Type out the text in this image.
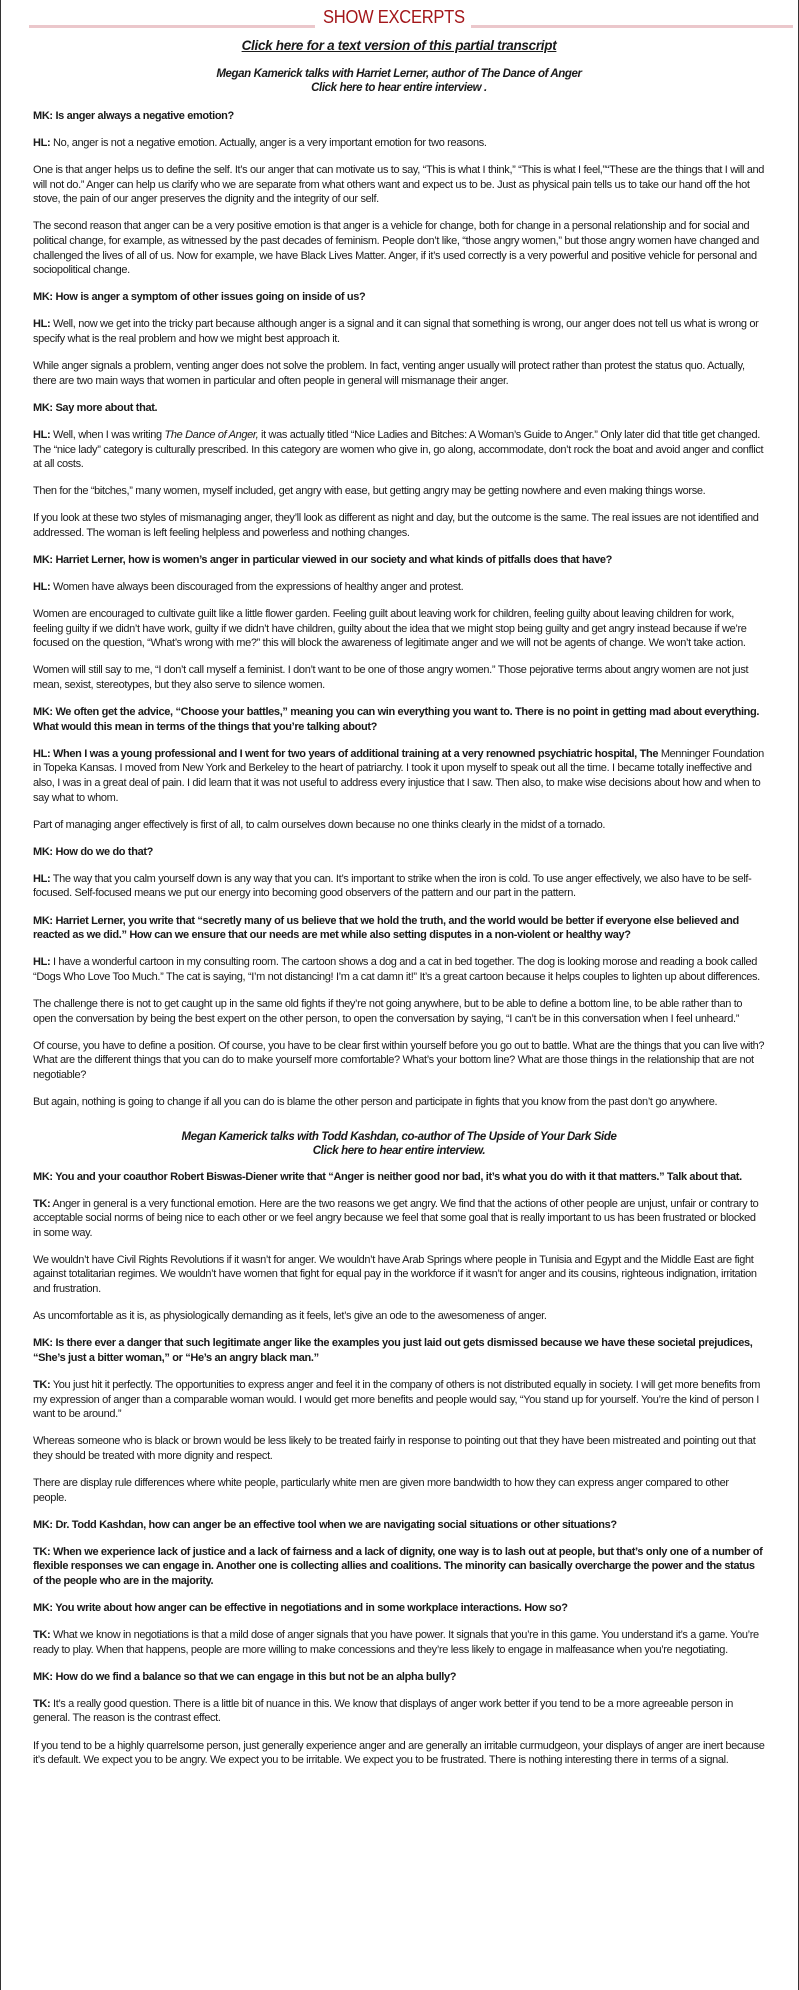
SHOW EXCERPTS
Click here for a text version of this partial transcript
Megan Kamerick talks with Harriet Lerner, author of The Dance of Anger
Click here to hear entire interview .

MK: Is anger always a negative emotion?

HL: No, anger is not a negative emotion. Actually, anger is a very important emotion for two reasons.

One is that anger helps us to define the self. It’s our anger that can motivate us to say, “This is what I think,” “This is what I feel,”“These are the things that I will and will not do.” Anger can help us clarify who we are separate from what others want and expect us to be. Just as physical pain tells us to take our hand off the hot stove, the pain of our anger preserves the dignity and the integrity of our self.

The second reason that anger can be a very positive emotion is that anger is a vehicle for change, both for change in a personal relationship and for social and political change, for example, as witnessed by the past decades of feminism. People don’t like, “those angry women,” but those angry women have changed and challenged the lives of all of us. Now for example, we have Black Lives Matter. Anger, if it’s used correctly is a very powerful and positive vehicle for personal and sociopolitical change.

MK: How is anger a symptom of other issues going on inside of us?

HL: Well, now we get into the tricky part because although anger is a signal and it can signal that something is wrong, our anger does not tell us what is wrong or specify what is the real problem and how we might best approach it.

While anger signals a problem, venting anger does not solve the problem. In fact, venting anger usually will protect rather than protest the status quo. Actually, there are two main ways that women in particular and often people in general will mismanage their anger.

MK: Say more about that.

HL: Well, when I was writing The Dance of Anger, it was actually titled “Nice Ladies and Bitches: A Woman’s Guide to Anger.” Only later did that title get changed. The “nice lady” category is culturally prescribed. In this category are women who give in, go along, accommodate, don’t rock the boat and avoid anger and conflict at all costs.

Then for the “bitches,” many women, myself included, get angry with ease, but getting angry may be getting nowhere and even making things worse.

If you look at these two styles of mismanaging anger, they’ll look as different as night and day, but the outcome is the same. The real issues are not identified and addressed. The woman is left feeling helpless and powerless and nothing changes.

MK: Harriet Lerner, how is women’s anger in particular viewed in our society and what kinds of pitfalls does that have?

HL: Women have always been discouraged from the expressions of healthy anger and protest.

Women are encouraged to cultivate guilt like a little flower garden. Feeling guilt about leaving work for children, feeling guilty about leaving children for work, feeling guilty if we didn’t have work, guilty if we didn’t have children, guilty about the idea that we might stop being guilty and get angry instead because if we’re focused on the question, “What’s wrong with me?” this will block the awareness of legitimate anger and we will not be agents of change. We won’t take action.

Women will still say to me, “I don’t call myself a feminist. I don’t want to be one of those angry women.” Those pejorative terms about angry women are not just mean, sexist, stereotypes, but they also serve to silence women.

MK: We often get the advice, “Choose your battles,” meaning you can win everything you want to. There is no point in getting mad about everything. What would this mean in terms of the things that you’re talking about?

HL: When I was a young professional and I went for two years of additional training at a very renowned psychiatric hospital, The Menninger Foundation in Topeka Kansas. I moved from New York and Berkeley to the heart of patriarchy. I took it upon myself to speak out all the time. I became totally ineffective and also, I was in a great deal of pain. I did learn that it was not useful to address every injustice that I saw. Then also, to make wise decisions about how and when to say what to whom.

Part of managing anger effectively is first of all, to calm ourselves down because no one thinks clearly in the midst of a tornado.

MK: How do we do that?

HL: The way that you calm yourself down is any way that you can. It’s important to strike when the iron is cold. To use anger effectively, we also have to be self-focused. Self-focused means we put our energy into becoming good observers of the pattern and our part in the pattern.

MK: Harriet Lerner, you write that “secretly many of us believe that we hold the truth, and the world would be better if everyone else believed and reacted as we did.” How can we ensure that our needs are met while also setting disputes in a non-violent or healthy way?

HL: I have a wonderful cartoon in my consulting room. The cartoon shows a dog and a cat in bed together. The dog is looking morose and reading a book called “Dogs Who Love Too Much.” The cat is saying, “I’m not distancing! I’m a cat damn it!” It’s a great cartoon because it helps couples to lighten up about differences.

The challenge there is not to get caught up in the same old fights if they’re not going anywhere, but to be able to define a bottom line, to be able rather than to open the conversation by being the best expert on the other person, to open the conversation by saying, “I can’t be in this conversation when I feel unheard.”

Of course, you have to define a position. Of course, you have to be clear first within yourself before you go out to battle. What are the things that you can live with? What are the different things that you can do to make yourself more comfortable? What’s your bottom line? What are those things in the relationship that are not negotiable?

But again, nothing is going to change if all you can do is blame the other person and participate in fights that you know from the past don’t go anywhere.

Megan Kamerick talks with Todd Kashdan, co-author of The Upside of Your Dark Side
Click here to hear entire interview.

MK: You and your coauthor Robert Biswas-Diener write that “Anger is neither good nor bad, it’s what you do with it that matters.” Talk about that.

TK: Anger in general is a very functional emotion. Here are the two reasons we get angry. We find that the actions of other people are unjust, unfair or contrary to acceptable social norms of being nice to each other or we feel angry because we feel that some goal that is really important to us has been frustrated or blocked in some way.

We wouldn’t have Civil Rights Revolutions if it wasn’t for anger. We wouldn’t have Arab Springs where people in Tunisia and Egypt and the Middle East are fight against totalitarian regimes. We wouldn’t have women that fight for equal pay in the workforce if it wasn’t for anger and its cousins, righteous indignation, irritation and frustration.

As uncomfortable as it is, as physiologically demanding as it feels, let’s give an ode to the awesomeness of anger.

MK: Is there ever a danger that such legitimate anger like the examples you just laid out gets dismissed because we have these societal prejudices, “She’s just a bitter woman,” or “He’s an angry black man.”

TK: You just hit it perfectly. The opportunities to express anger and feel it in the company of others is not distributed equally in society. I will get more benefits from my expression of anger than a comparable woman would. I would get more benefits and people would say, “You stand up for yourself. You’re the kind of person I want to be around.”

Whereas someone who is black or brown would be less likely to be treated fairly in response to pointing out that they have been mistreated and pointing out that they should be treated with more dignity and respect.

There are display rule differences where white people, particularly white men are given more bandwidth to how they can express anger compared to other people.

MK: Dr. Todd Kashdan, how can anger be an effective tool when we are navigating social situations or other situations?

TK: When we experience lack of justice and a lack of fairness and a lack of dignity, one way is to lash out at people, but that’s only one of a number of flexible responses we can engage in. Another one is collecting allies and coalitions. The minority can basically overcharge the power and the status of the people who are in the majority.

MK: You write about how anger can be effective in negotiations and in some workplace interactions. How so?

TK: What we know in negotiations is that a mild dose of anger signals that you have power. It signals that you’re in this game. You understand it’s a game. You’re ready to play. When that happens, people are more willing to make concessions and they’re less likely to engage in malfeasance when you’re negotiating.

MK: How do we find a balance so that we can engage in this but not be an alpha bully?

TK: It’s a really good question. There is a little bit of nuance in this. We know that displays of anger work better if you tend to be a more agreeable person in general. The reason is the contrast effect.

If you tend to be a highly quarrelsome person, just generally experience anger and are generally an irritable curmudgeon, your displays of anger are inert because it’s default. We expect you to be angry. We expect you to be irritable. We expect you to be frustrated. There is nothing interesting there in terms of a signal.
